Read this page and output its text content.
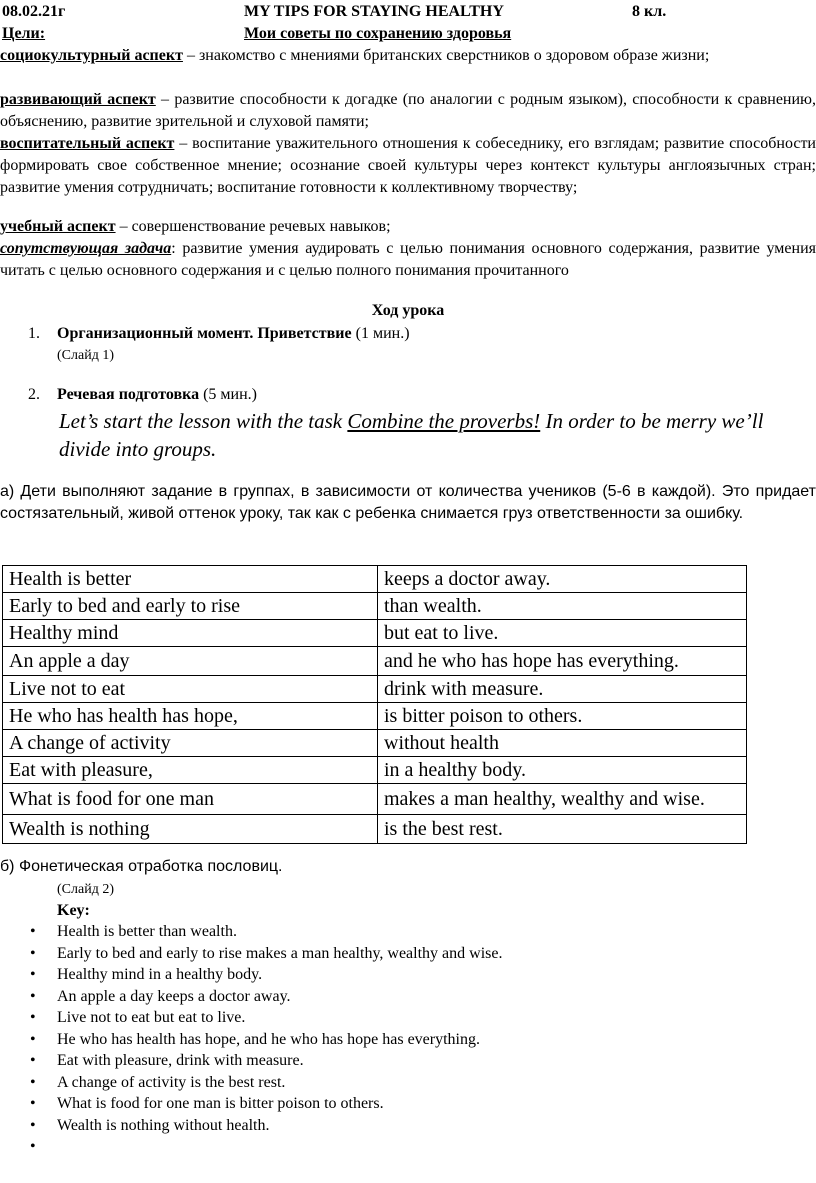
08.02.21г	MY TIPS FOR STAYING HEALTHY	8 кл.
Цели:	Мои советы по сохранению здоровья
социокультурный аспект – знакомство с мнениями британских сверстников о здоровом образе жизни;
развивающий аспект – развитие способности к догадке (по аналогии с родным языком), способности к сравнению, объяснению, развитие зрительной и слуховой памяти;
воспитательный аспект – воспитание уважительного отношения к собеседнику, его взглядам; развитие способности формировать свое собственное мнение; осознание своей культуры через контекст культуры англоязычных стран; развитие умения сотрудничать; воспитание готовности к коллективному творчеству;
учебный аспект – совершенствование речевых навыков;
сопутствующая задача: развитие умения аудировать с целью понимания основного содержания, развитие умения читать с целью основного содержания и с целью полного понимания прочитанного
Ход урока
1. Организационный момент. Приветствие (1 мин.)
(Слайд 1)
2. Речевая подготовка (5 мин.)
Let’s start the lesson with the task Combine the proverbs! In order to be merry we’ll divide into groups.
а) Дети выполняют задание в группах, в зависимости от количества учеников (5-6 в каждой). Это придает состязательный, живой оттенок уроку, так как с ребенка снимается груз ответственности за ошибку.
Health is better	keeps a doctor away.
Early to bed and early to rise	than wealth.
Healthy mind	but eat to live.
An apple a day	and he who has hope has everything.
Live not to eat	drink with measure.
He who has health has hope,	is bitter poison to others.
A change of activity	without health
Eat with pleasure,	in a healthy body.
What is food for one man	makes a man healthy, wealthy and wise.
Wealth is nothing	is the best rest.
б) Фонетическая отработка пословиц.
(Слайд 2)
Key:
• Health is better than wealth.
• Early to bed and early to rise makes a man healthy, wealthy and wise.
• Healthy mind in a healthy body.
• An apple a day keeps a doctor away.
• Live not to eat but eat to live.
• He who has health has hope, and he who has hope has everything.
• Eat with pleasure, drink with measure.
• A change of activity is the best rest.
• What is food for one man is bitter poison to others.
• Wealth is nothing without health.
•
